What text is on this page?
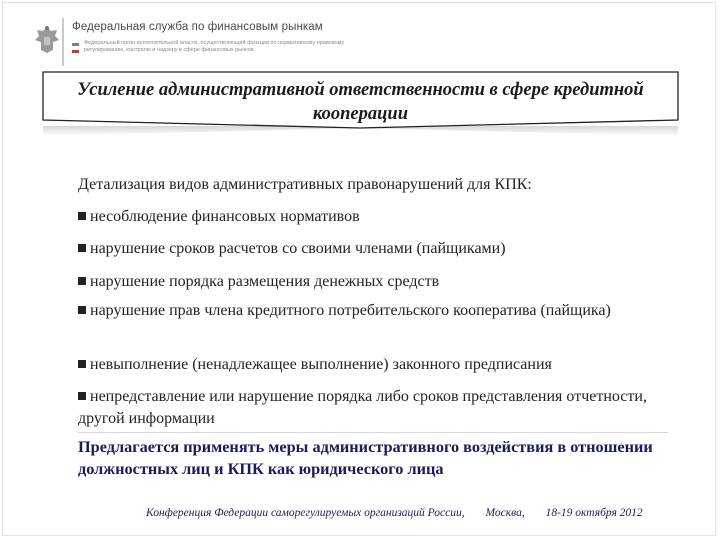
Федеральная служба по финансовым рынкам
Федеральный орган исполнительной власти, осуществляющий функции по нормативному правовому регулированию, контролю и надзору в сфере финансовых рынков
Усиление административной ответственности в сфере кредитной кооперации
Детализация видов административных правонарушений для КПК:
несоблюдение финансовых нормативов
нарушение сроков расчетов со своими членами (пайщиками)
нарушение порядка размещения денежных средств
нарушение прав члена кредитного потребительского кооператива (пайщика)
невыполнение (ненадлежащее выполнение) законного предписания
непредставление или нарушение порядка либо сроков представления отчетности, другой информации
Предлагается применять меры административного воздействия в отношении должностных лиц и КПК как юридического лица
Конференция Федерации саморегулируемых организаций России, Москва, 18-19 октября 2012
